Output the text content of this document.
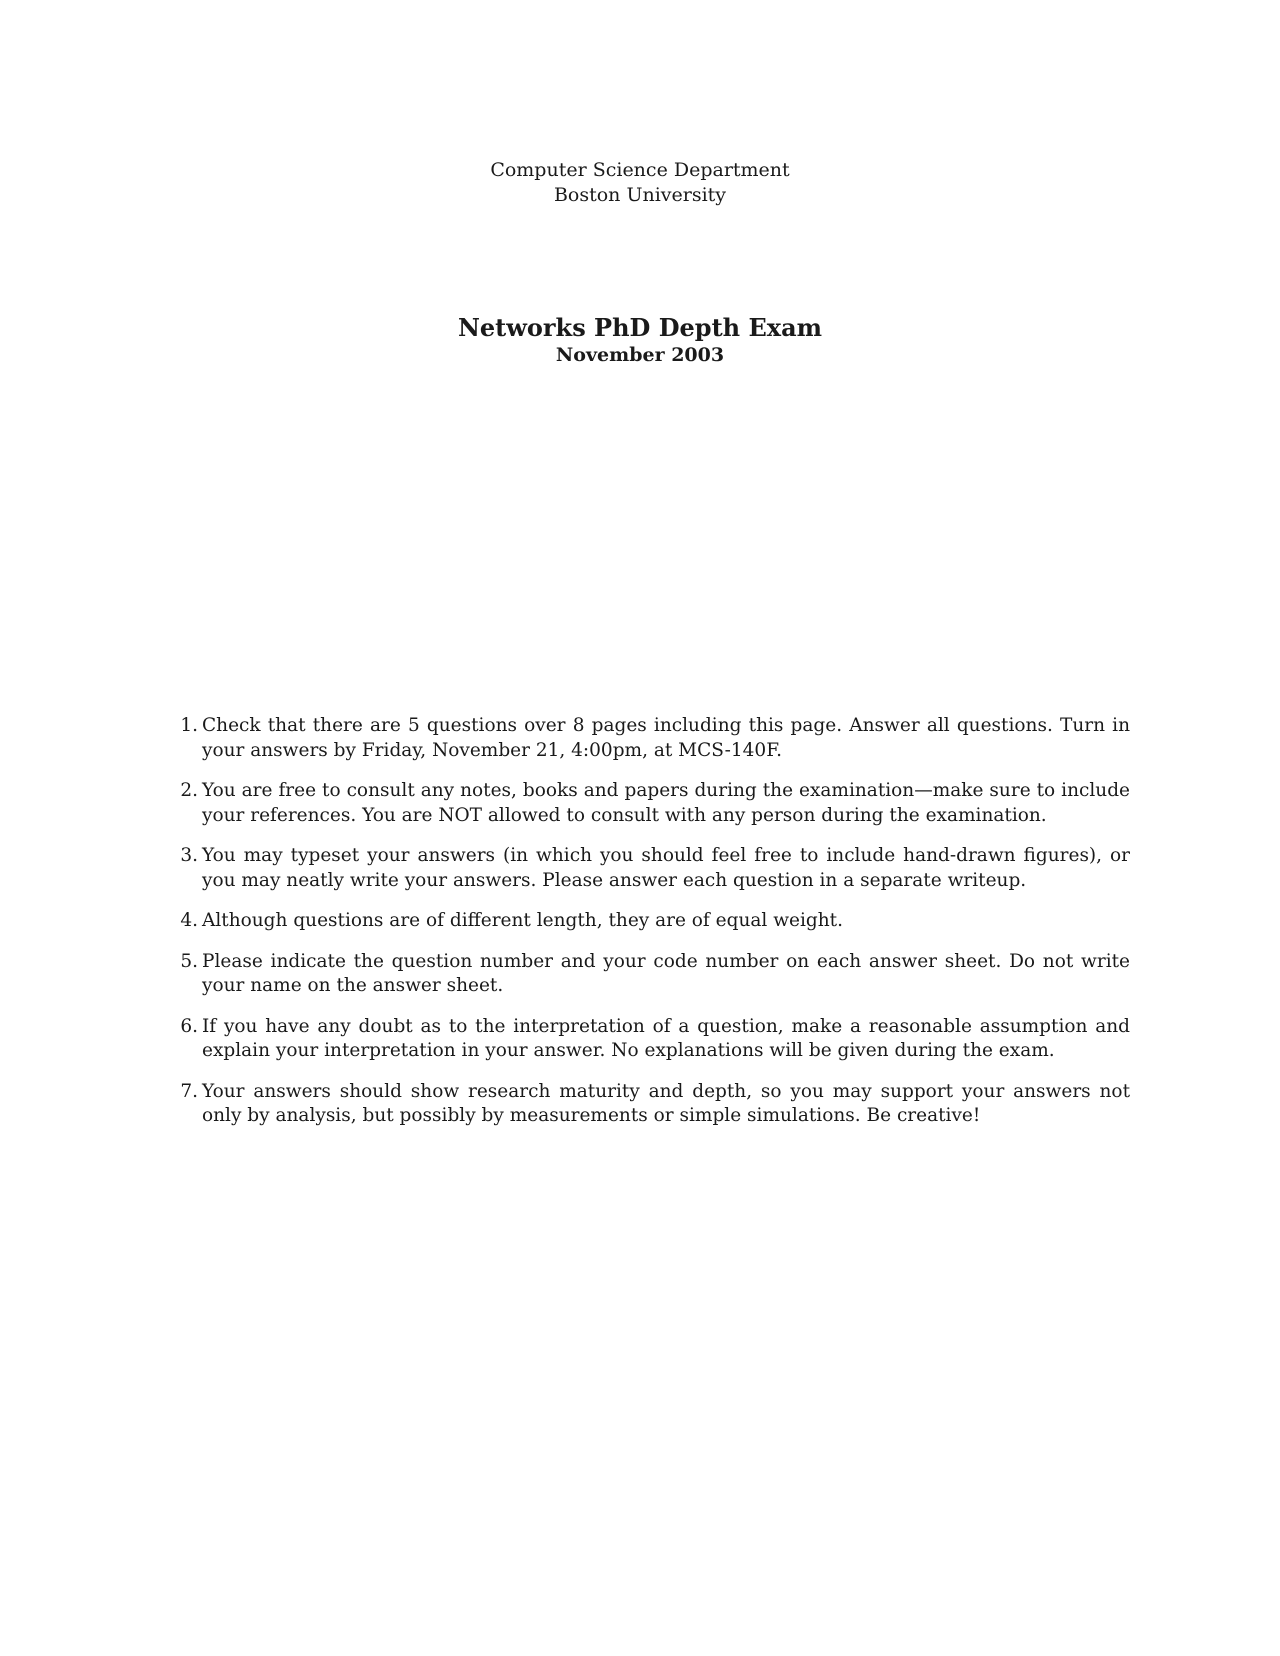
Computer Science Department
Boston University
Networks PhD Depth Exam
November 2003
1. Check that there are 5 questions over 8 pages including this page. Answer all questions. Turn in your answers by Friday, November 21, 4:00pm, at MCS-140F.
2. You are free to consult any notes, books and papers during the examination—make sure to include your references. You are NOT allowed to consult with any person during the examination.
3. You may typeset your answers (in which you should feel free to include hand-drawn figures), or you may neatly write your answers. Please answer each question in a separate writeup.
4. Although questions are of different length, they are of equal weight.
5. Please indicate the question number and your code number on each answer sheet. Do not write your name on the answer sheet.
6. If you have any doubt as to the interpretation of a question, make a reasonable assumption and explain your interpretation in your answer. No explanations will be given during the exam.
7. Your answers should show research maturity and depth, so you may support your answers not only by analysis, but possibly by measurements or simple simulations. Be creative!
